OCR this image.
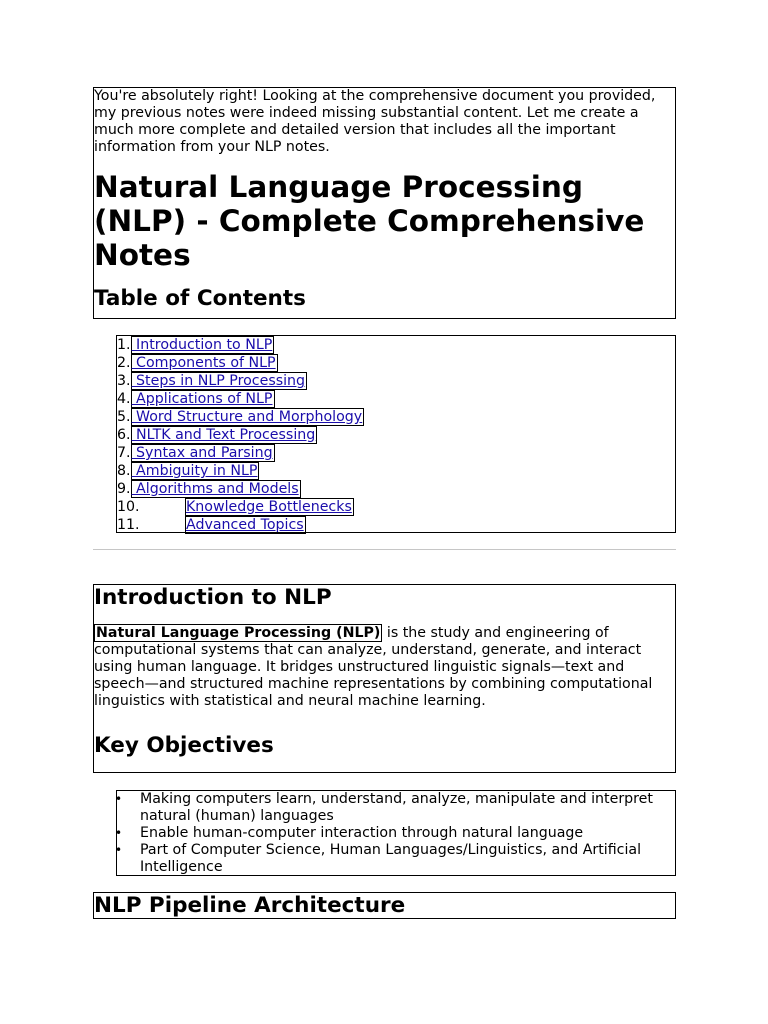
You're absolutely right! Looking at the comprehensive document you provided, my previous notes were indeed missing substantial content. Let me create a much more complete and detailed version that includes all the important information from your NLP notes.

Natural Language Processing (NLP) - Complete Comprehensive Notes
Table of Contents
1. Introduction to NLP
2. Components of NLP
3. Steps in NLP Processing
4. Applications of NLP
5. Word Structure and Morphology
6. NLTK and Text Processing
7. Syntax and Parsing
8. Ambiguity in NLP
9. Algorithms and Models
10.	Knowledge Bottlenecks
11.	Advanced Topics
Introduction to NLP

Natural Language Processing (NLP) is the study and engineering of computational systems that can analyze, understand, generate, and interact using human language. It bridges unstructured linguistic signals—text and speech—and structured machine representations by combining computational linguistics with statistical and neural machine learning.

Key Objectives
• Making computers learn, understand, analyze, manipulate and interpret natural (human) languages
• Enable human-computer interaction through natural language
• Part of Computer Science, Human Languages/Linguistics, and Artificial Intelligence
NLP Pipeline Architecture
